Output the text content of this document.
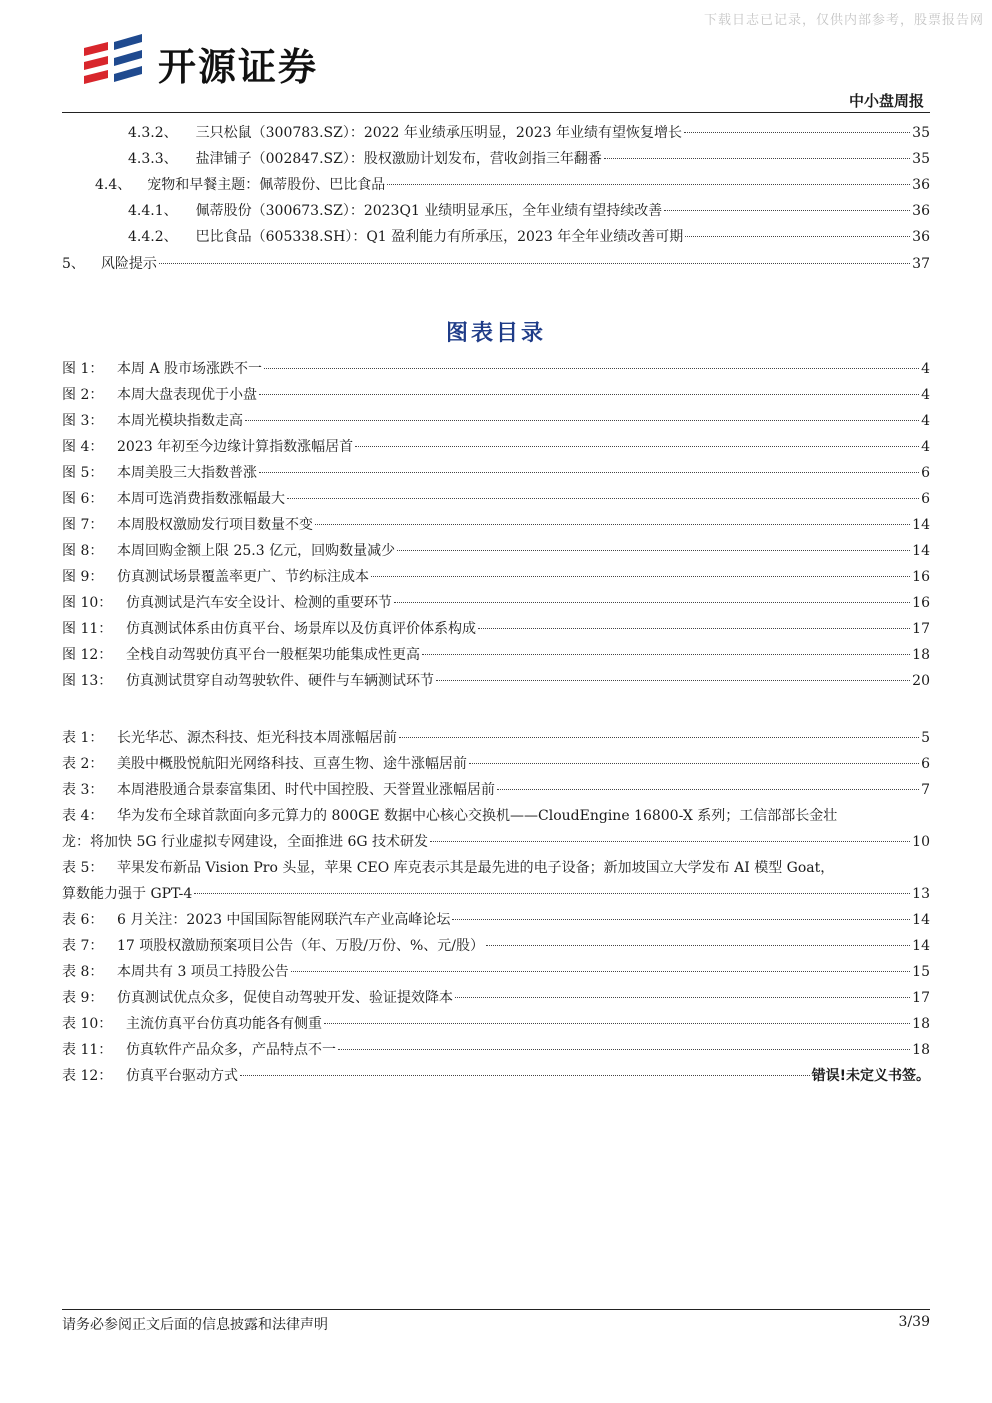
下载日志已记录，仅供内部参考，股票报告网
开源证券
中小盘周报
4.3.2、 三只松鼠（300783.SZ）：2022 年业绩承压明显，2023 年业绩有望恢复增长	35
4.3.3、 盐津铺子（002847.SZ）：股权激励计划发布，营收剑指三年翻番	35
4.4、 宠物和早餐主题：佩蒂股份、巴比食品	36
4.4.1、 佩蒂股份（300673.SZ）：2023Q1 业绩明显承压，全年业绩有望持续改善	36
4.4.2、 巴比食品（605338.SH）：Q1 盈利能力有所承压，2023 年全年业绩改善可期	36
5、 风险提示	37
图表目录
图 1： 本周 A 股市场涨跌不一	4
图 2： 本周大盘表现优于小盘	4
图 3： 本周光模块指数走高	4
图 4： 2023 年初至今边缘计算指数涨幅居首	4
图 5： 本周美股三大指数普涨	6
图 6： 本周可选消费指数涨幅最大	6
图 7： 本周股权激励发行项目数量不变	14
图 8： 本周回购金额上限 25.3 亿元，回购数量减少	14
图 9： 仿真测试场景覆盖率更广、节约标注成本	16
图 10： 仿真测试是汽车安全设计、检测的重要环节	16
图 11： 仿真测试体系由仿真平台、场景库以及仿真评价体系构成	17
图 12： 全栈自动驾驶仿真平台一般框架功能集成性更高	18
图 13： 仿真测试贯穿自动驾驶软件、硬件与车辆测试环节	20
表 1： 长光华芯、源杰科技、炬光科技本周涨幅居前	5
表 2： 美股中概股悦航阳光网络科技、亘喜生物、途牛涨幅居前	6
表 3： 本周港股通合景泰富集团、时代中国控股、天誉置业涨幅居前	7
表 4： 华为发布全球首款面向多元算力的 800GE 数据中心核心交换机——CloudEngine 16800-X 系列；工信部部长金壮
龙：将加快 5G 行业虚拟专网建设，全面推进 6G 技术研发	10
表 5： 苹果发布新品 Vision Pro 头显，苹果 CEO 库克表示其是最先进的电子设备；新加坡国立大学发布 AI 模型 Goat，
算数能力强于 GPT-4	13
表 6： 6 月关注：2023 中国国际智能网联汽车产业高峰论坛	14
表 7： 17 项股权激励预案项目公告（年、万股/万份、%、元/股）	14
表 8： 本周共有 3 项员工持股公告	15
表 9： 仿真测试优点众多，促使自动驾驶开发、验证提效降本	17
表 10： 主流仿真平台仿真功能各有侧重	18
表 11： 仿真软件产品众多，产品特点不一	18
表 12： 仿真平台驱动方式	错误!未定义书签。
请务必参阅正文后面的信息披露和法律声明	3/39
